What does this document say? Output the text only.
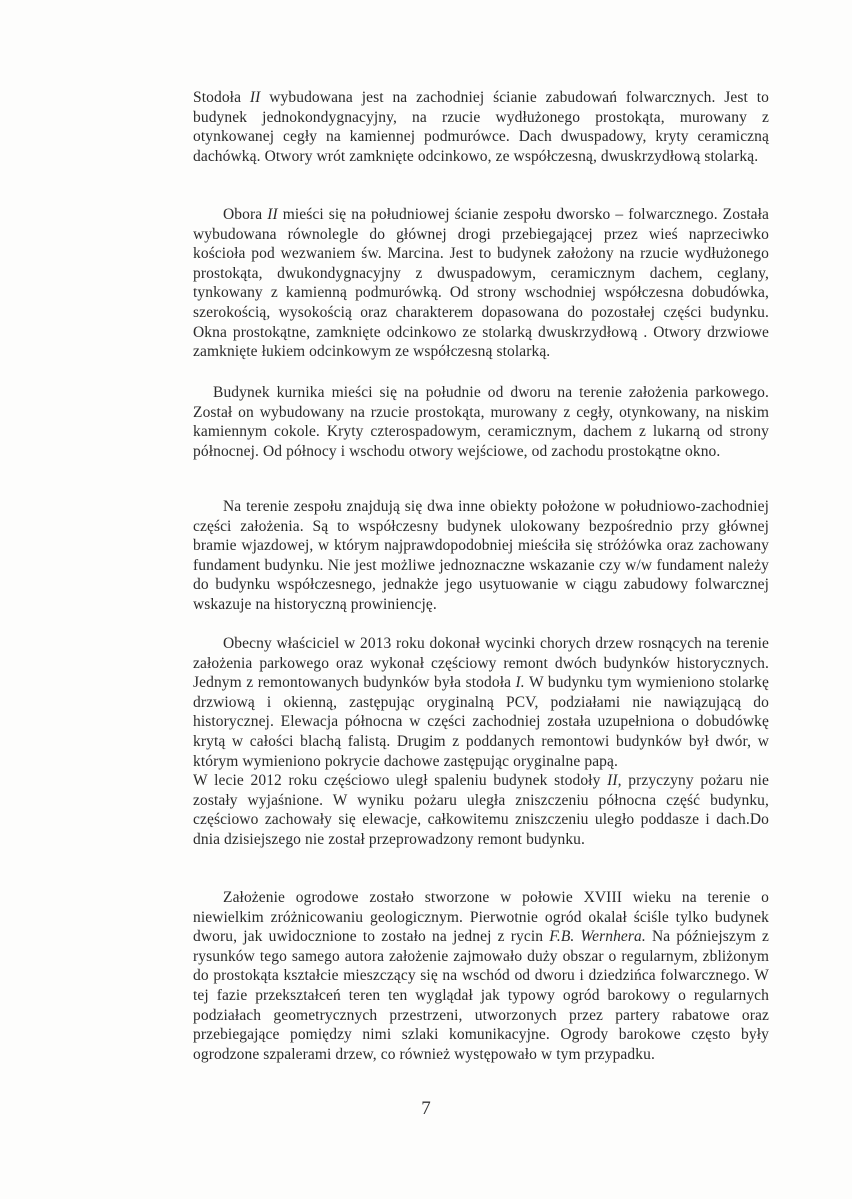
Stodoła II wybudowana jest na zachodniej ścianie zabudowań folwarcznych. Jest to budynek jednokondygnacyjny, na rzucie wydłużonego prostokąta, murowany z otynkowanej cegły na kamiennej podmurówce. Dach dwuspadowy, kryty ceramiczną dachówką. Otwory wrót zamknięte odcinkowo, ze współczesną, dwuskrzydłową stolarką.

Obora II mieści się na południowej ścianie zespołu dworsko – folwarcznego. Została wybudowana równolegle do głównej drogi przebiegającej przez wieś naprzeciwko kościoła pod wezwaniem św. Marcina. Jest to budynek założony na rzucie wydłużonego prostokąta, dwukondygnacyjny z dwuspadowym, ceramicznym dachem, ceglany, tynkowany z kamienną podmurówką. Od strony wschodniej współczesna dobudówka, szerokością, wysokością oraz charakterem dopasowana do pozostałej części budynku. Okna prostokątne, zamknięte odcinkowo ze stolarką dwuskrzydłową . Otwory drzwiowe zamknięte łukiem odcinkowym ze współczesną stolarką.

Budynek kurnika mieści się na południe od dworu na terenie założenia parkowego. Został on wybudowany na rzucie prostokąta, murowany z cegły, otynkowany, na niskim kamiennym cokole. Kryty czterospadowym, ceramicznym, dachem z lukarną od strony północnej. Od północy i wschodu otwory wejściowe, od zachodu prostokątne okno.

Na terenie zespołu znajdują się dwa inne obiekty położone w południowo-zachodniej części założenia. Są to współczesny budynek ulokowany bezpośrednio przy głównej bramie wjazdowej, w którym najprawdopodobniej mieściła się stróżówka oraz zachowany fundament budynku. Nie jest możliwe jednoznaczne wskazanie czy w/w fundament należy do budynku współczesnego, jednakże jego usytuowanie w ciągu zabudowy folwarcznej wskazuje na historyczną prowiniencję.

Obecny właściciel w 2013 roku dokonał wycinki chorych drzew rosnących na terenie założenia parkowego oraz wykonał częściowy remont dwóch budynków historycznych. Jednym z remontowanych budynków była stodoła I. W budynku tym wymieniono stolarkę drzwiową i okienną, zastępując oryginalną PCV, podziałami nie nawiązującą do historycznej. Elewacja północna w części zachodniej została uzupełniona o dobudówkę krytą w całości blachą falistą. Drugim z poddanych remontowi budynków był dwór, w którym wymieniono pokrycie dachowe zastępując oryginalne papą.

W lecie 2012 roku częściowo uległ spaleniu budynek stodoły II, przyczyny pożaru nie zostały wyjaśnione. W wyniku pożaru uległa zniszczeniu północna część budynku, częściowo zachowały się elewacje, całkowitemu zniszczeniu uległo poddasze i dach.Do dnia dzisiejszego nie został przeprowadzony remont budynku.

Założenie ogrodowe zostało stworzone w połowie XVIII wieku na terenie o niewielkim zróżnicowaniu geologicznym. Pierwotnie ogród okalał ściśle tylko budynek dworu, jak uwidocznione to zostało na jednej z rycin F.B. Wernhera. Na późniejszym z rysunków tego samego autora założenie zajmowało duży obszar o regularnym, zbliżonym do prostokąta kształcie mieszczący się na wschód od dworu i dziedzińca folwarcznego. W tej fazie przekształceń teren ten wyglądał jak typowy ogród barokowy o regularnych podziałach geometrycznych przestrzeni, utworzonych przez partery rabatowe oraz przebiegające pomiędzy nimi szlaki komunikacyjne. Ogrody barokowe często były ogrodzone szpalerami drzew, co również występowało w tym przypadku.

7
